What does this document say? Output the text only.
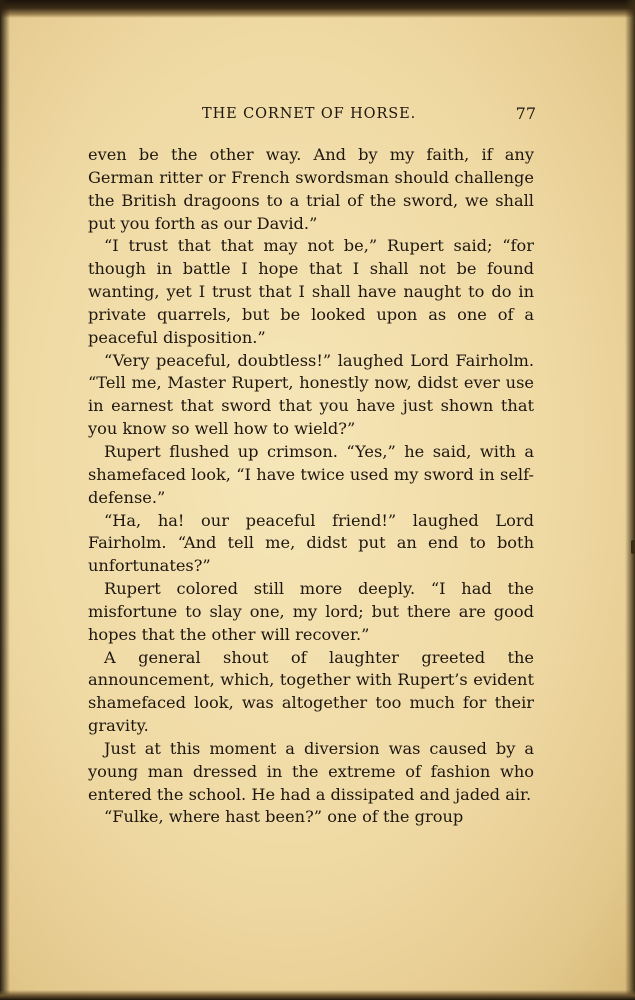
THE CORNET OF HORSE.	77

even be the other way. And by my faith, if any German ritter or French swordsman should challenge the British dragoons to a trial of the sword, we shall put you forth as our David.”

“I trust that that may not be,” Rupert said; “for though in battle I hope that I shall not be found wanting, yet I trust that I shall have naught to do in private quarrels, but be looked upon as one of a peaceful disposition.”

“Very peaceful, doubtless!” laughed Lord Fairholm. “Tell me, Master Rupert, honestly now, didst ever use in earnest that sword that you have just shown that you know so well how to wield?”

Rupert flushed up crimson. “Yes,” he said, with a shamefaced look, “I have twice used my sword in self-defense.”

“Ha, ha! our peaceful friend!” laughed Lord Fairholm. “And tell me, didst put an end to both unfortunates?”

Rupert colored still more deeply. “I had the misfortune to slay one, my lord; but there are good hopes that the other will recover.”

A general shout of laughter greeted the announcement, which, together with Rupert’s evident shamefaced look, was altogether too much for their gravity.

Just at this moment a diversion was caused by a young man dressed in the extreme of fashion who entered the school. He had a dissipated and jaded air.

“Fulke, where hast been?” one of the group
